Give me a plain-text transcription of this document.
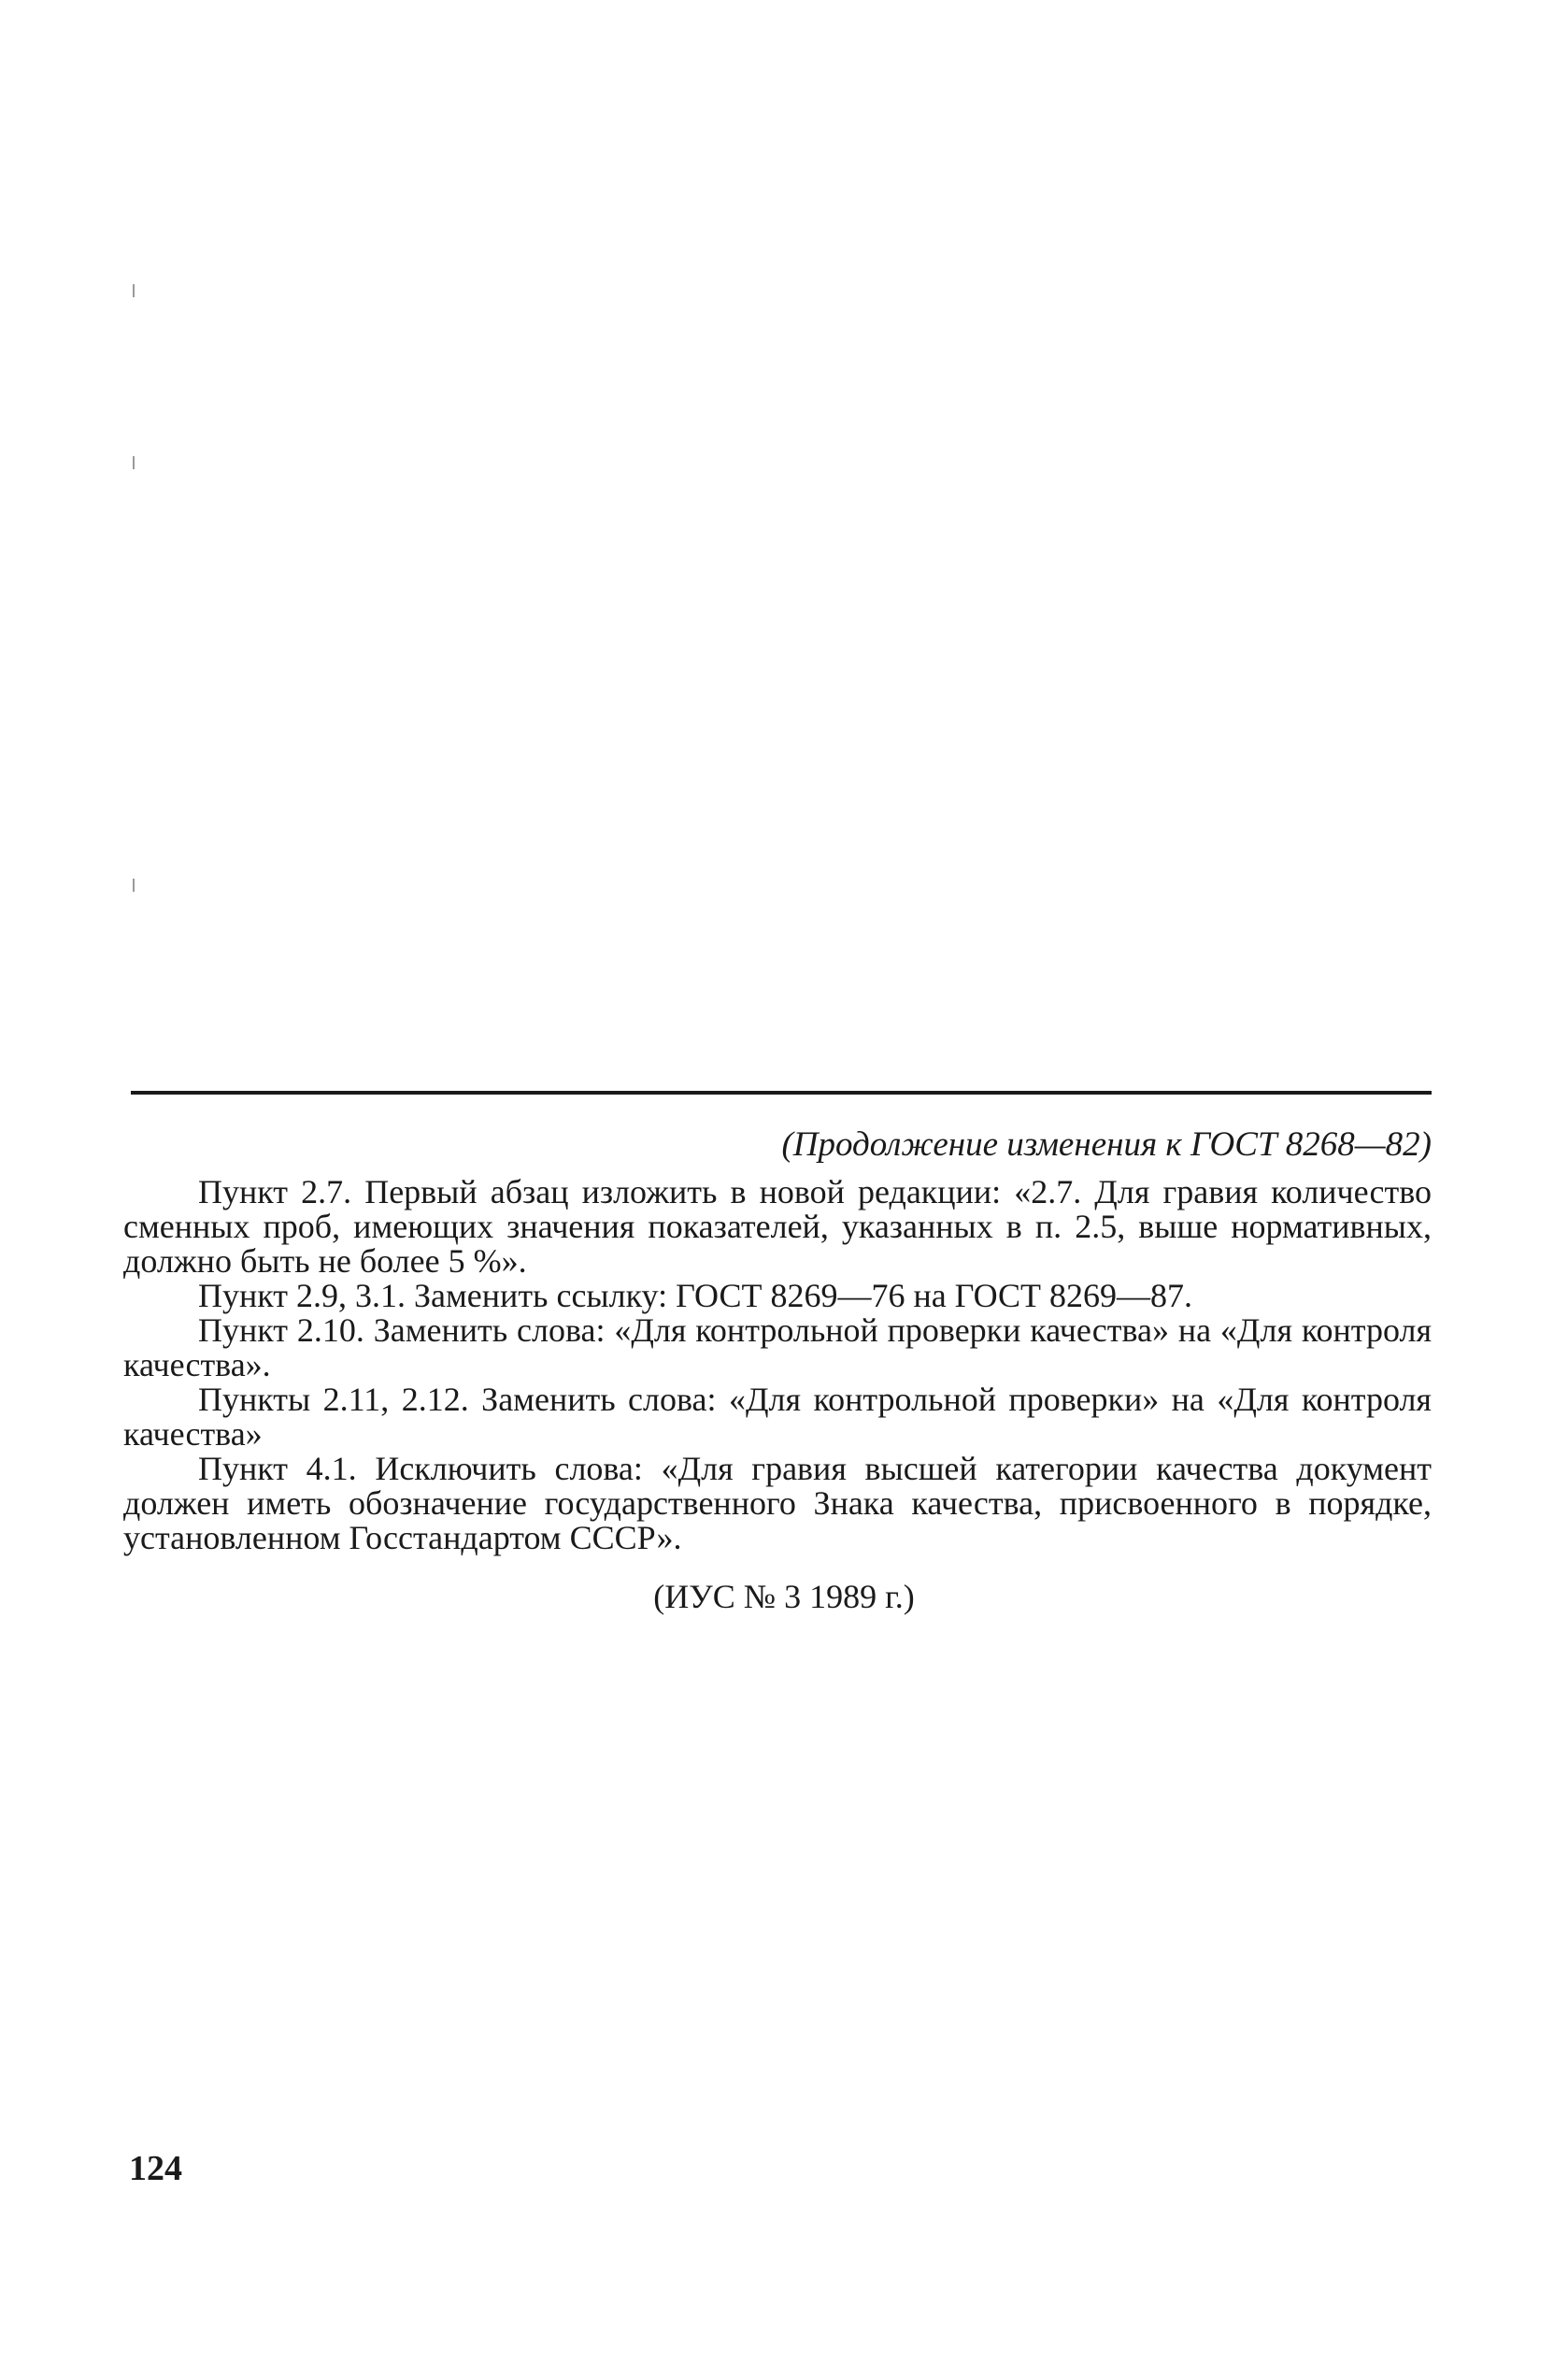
(Продолжение изменения к ГОСТ 8268—82)

Пункт 2.7. Первый абзац изложить в новой редакции: «2.7. Для гравия количество сменных проб, имеющих значения показателей, указанных в п. 2.5, выше нормативных, должно быть не более 5 %».

Пункт 2.9, 3.1. Заменить ссылку: ГОСТ 8269—76 на ГОСТ 8269—87.

Пункт 2.10. Заменить слова: «Для контрольной проверки качества» на «Для контроля качества».

Пункты 2.11, 2.12. Заменить слова: «Для контрольной проверки» на «Для контроля качества»

Пункт 4.1. Исключить слова: «Для гравия высшей категории качества документ должен иметь обозначение государственного Знака качества, присвоенного в порядке, установленном Госстандартом СССР».

(ИУС № 3 1989 г.)
124
